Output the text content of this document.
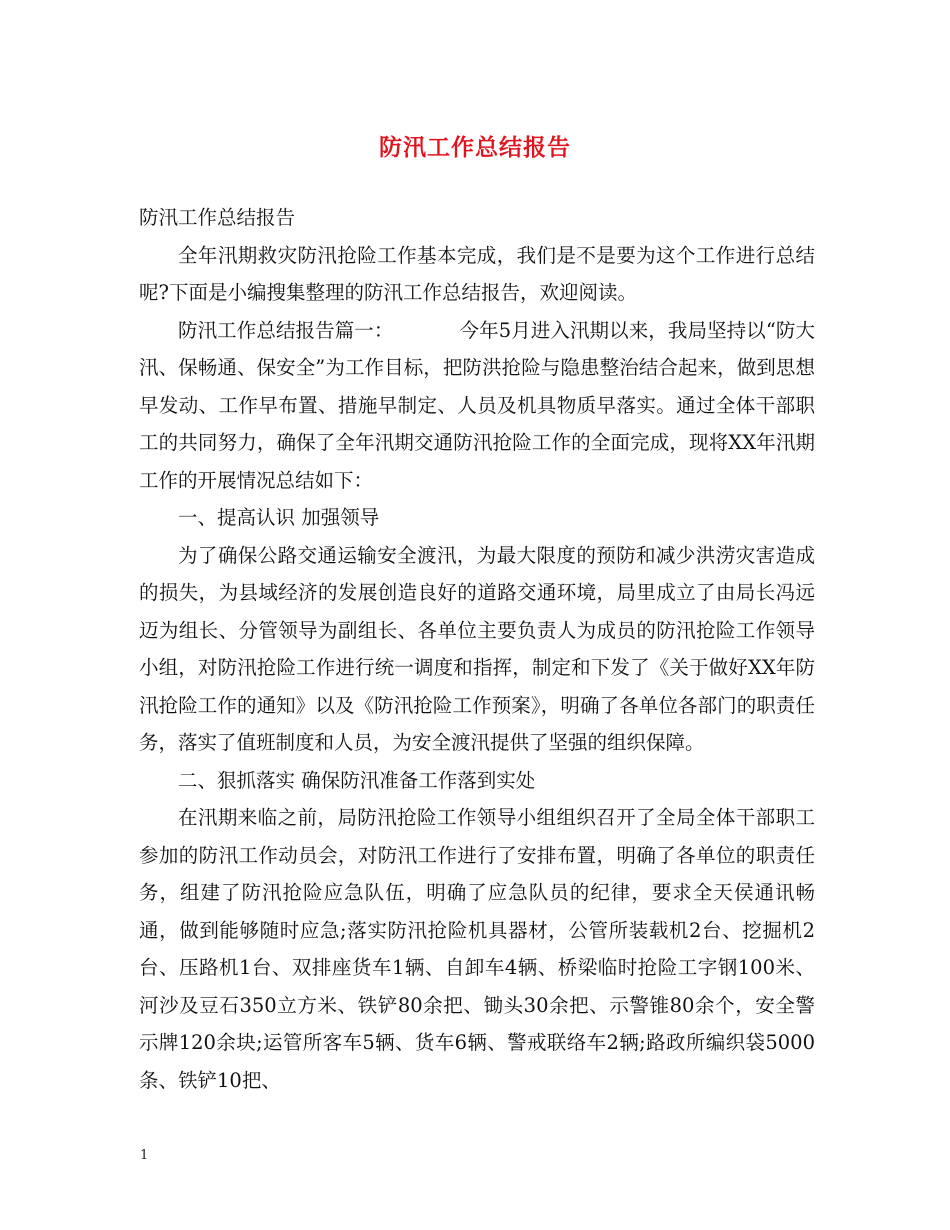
防汛工作总结报告

防汛工作总结报告

全年汛期救灾防汛抢险工作基本完成，我们是不是要为这个工作进行总结呢?下面是小编搜集整理的防汛工作总结报告，欢迎阅读。

防汛工作总结报告篇一：	今年5月进入汛期以来，我局坚持以“防大汛、保畅通、保安全”为工作目标，把防洪抢险与隐患整治结合起来，做到思想早发动、工作早布置、措施早制定、人员及机具物质早落实。通过全体干部职工的共同努力，确保了全年汛期交通防汛抢险工作的全面完成，现将XX年汛期工作的开展情况总结如下：

一、提高认识 加强领导

为了确保公路交通运输安全渡汛，为最大限度的预防和减少洪涝灾害造成的损失，为县域经济的发展创造良好的道路交通环境，局里成立了由局长冯远迈为组长、分管领导为副组长、各单位主要负责人为成员的防汛抢险工作领导小组，对防汛抢险工作进行统一调度和指挥，制定和下发了《关于做好XX年防汛抢险工作的通知》以及《防汛抢险工作预案》，明确了各单位各部门的职责任务，落实了值班制度和人员，为安全渡汛提供了坚强的组织保障。

二、狠抓落实 确保防汛准备工作落到实处

在汛期来临之前，局防汛抢险工作领导小组组织召开了全局全体干部职工参加的防汛工作动员会，对防汛工作进行了安排布置，明确了各单位的职责任务，组建了防汛抢险应急队伍，明确了应急队员的纪律，要求全天侯通讯畅通，做到能够随时应急;落实防汛抢险机具器材，公管所装载机2台、挖掘机2台、压路机1台、双排座货车1辆、自卸车4辆、桥梁临时抢险工字钢100米、河沙及豆石350立方米、铁铲80余把、锄头30余把、示警锥80余个，安全警示牌120余块;运管所客车5辆、货车6辆、警戒联络车2辆;路政所编织袋5000条、铁铲10把、

1
